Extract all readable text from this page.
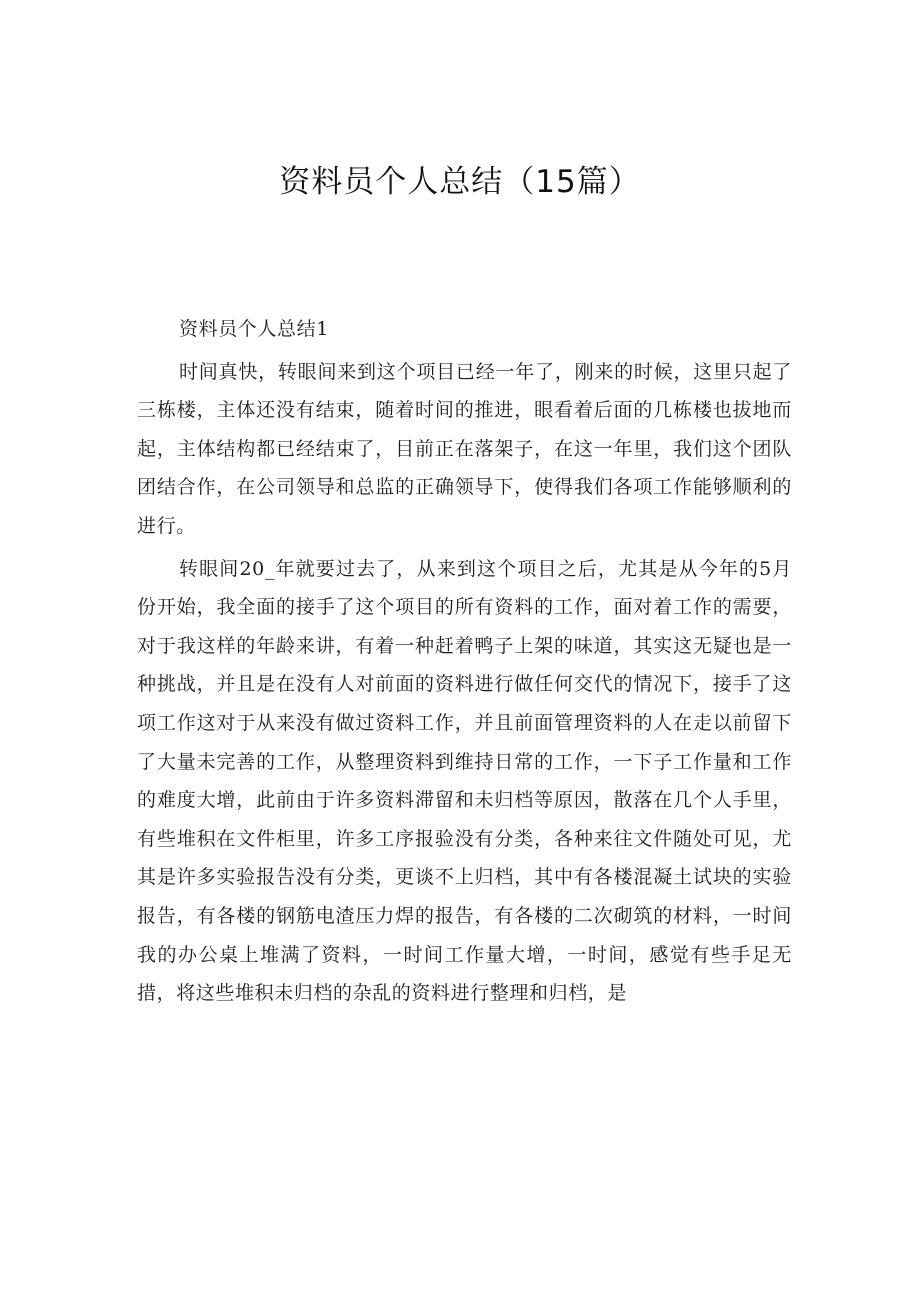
资料员个人总结（15篇）
资料员个人总结1

时间真快，转眼间来到这个项目已经一年了，刚来的时候，这里只起了三栋楼，主体还没有结束，随着时间的推进，眼看着后面的几栋楼也拔地而起，主体结构都已经结束了，目前正在落架子，在这一年里，我们这个团队团结合作，在公司领导和总监的正确领导下，使得我们各项工作能够顺利的进行。

转眼间20_年就要过去了，从来到这个项目之后，尤其是从今年的5月份开始，我全面的接手了这个项目的所有资料的工作，面对着工作的需要，对于我这样的年龄来讲，有着一种赶着鸭子上架的味道，其实这无疑也是一种挑战，并且是在没有人对前面的资料进行做任何交代的情况下，接手了这项工作这对于从来没有做过资料工作，并且前面管理资料的人在走以前留下了大量未完善的工作，从整理资料到维持日常的工作，一下子工作量和工作的难度大增，此前由于许多资料滞留和未归档等原因，散落在几个人手里，有些堆积在文件柜里，许多工序报验没有分类，各种来往文件随处可见，尤其是许多实验报告没有分类，更谈不上归档，其中有各楼混凝土试块的实验报告，有各楼的钢筋电渣压力焊的报告，有各楼的二次砌筑的材料，一时间我的办公桌上堆满了资料，一时间工作量大增，一时间，感觉有些手足无措，将这些堆积未归档的杂乱的资料进行整理和归档，是
